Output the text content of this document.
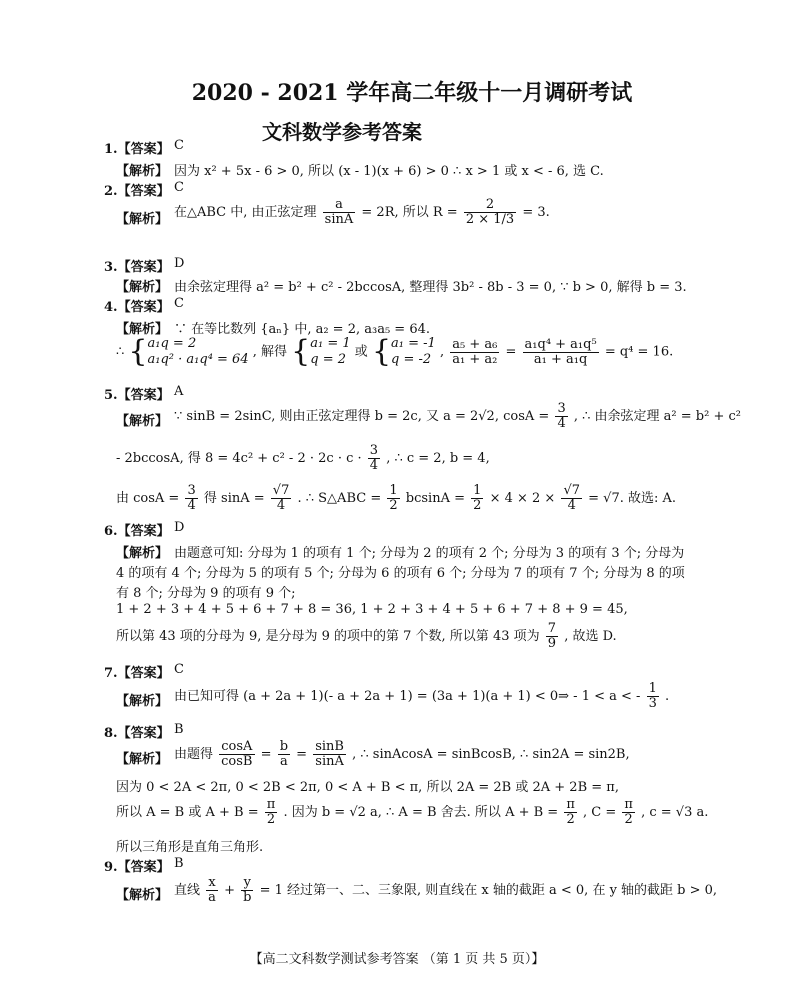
2020 - 2021 学年高二年级十一月调研考试
文科数学参考答案
1.【答案】 C
【解析】 因为 x² + 5x - 6 > 0, 所以 (x - 1)(x + 6) > 0 ∴ x > 1 或 x < - 6, 选 C.
2.【答案】 C
【解析】 在△ABC 中, 由正弦定理 $\frac{a}{\sin A} = 2R$, 所以 $R = \frac{2}{2 \times 1/3} = 3$.
3.【答案】 D
【解析】 由余弦定理得 a² = b² + c² - 2bccosA, 整理得 3b² - 8b - 3 = 0, ∵ b > 0, 解得 b = 3.
4.【答案】 C
【解析】 ∵ 在等比数列 {aₙ} 中, a₂ = 2, a₃a₅ = 64.
∴ { a₁q = 2
a₁q² · a₁q⁴ = 64 , 解得 { a₁ = 1
q = 2 或 { a₁ = -1
q = -2 , $\frac{\text{a₅ + a₆}}{\text{a₁ + a₂}} = \frac{\text{a₁q⁴ + a₁q⁵}}{\text{a₁ + a₁q}} = q^4 = 16$.
5.【答案】 A
【解析】 ∵ sinB = 2sinC, 则由正弦定理得 b = 2c, 又 a = 2√2, $\cos A = \frac{3}{4}$ , ∴ 由余弦定理 a² = b² + c²
- 2bccosA, 得 $8 = 4c^2 + c^2 - 2 \cdot 2c \cdot c \cdot \frac{3}{4}$ , ∴ c = 2, b = 4,
由 $\cos A = \frac{3}{4}$ 得 $\sin A = \frac{√7}{4}$ . ∴ S△ABC = $\frac{1}{2}$ $bcsinA = \frac{1}{2} \times 4 \times 2 \times \frac{√7}{4} = √7$. 故选: A.
6.【答案】 D
【解析】 由题意可知: 分母为 1 的项有 1 个; 分母为 2 的项有 2 个; 分母为 3 的项有 3 个; 分母为
4 的项有 4 个; 分母为 5 的项有 5 个; 分母为 6 的项有 6 个; 分母为 7 的项有 7 个; 分母为 8 的项
有 8 个; 分母为 9 的项有 9 个;
1 + 2 + 3 + 4 + 5 + 6 + 7 + 8 = 36, 1 + 2 + 3 + 4 + 5 + 6 + 7 + 8 + 9 = 45,
所以第 43 项的分母为 9, 是分母为 9 的项中的第 7 个数, 所以第 43 项为 $\frac{7}{9}$ , 故选 D.
7.【答案】 C
【解析】 由已知可得 (a + 2a + 1)(- a + 2a + 1) = (3a + 1)(a + 1) < 0⇒ - 1 < a < - $\frac{1}{3}$ .
8.【答案】 B
【解析】 由题得 $\frac{\cos A}{\cos B} = \frac{b}{a} = \frac{\sin B}{\sin A}$ , ∴ sinAcosA = sinBcosB, ∴ sin2A = sin2B,
因为 0 < 2A < 2π, 0 < 2B < 2π, 0 < A + B < π, 所以 2A = 2B 或 2A + 2B = π,
所以 A = B 或 $A + B = \frac{\pi}{2}$ . 因为 b = √2 a, ∴ A = B 舍去. 所以 $A + B = \frac{\pi}{2}$ , $C = \frac{\pi}{2}$ , c = √3 a.
所以三角形是直角三角形.
9.【答案】 B
【解析】 直线 $\frac{x}{a} + \frac{y}{b} = 1$ 经过第一、二、三象限, 则直线在 x 轴的截距 a < 0, 在 y 轴的截距 b > 0,
【高二文科数学测试参考答案 （第 1 页 共 5 页）】
